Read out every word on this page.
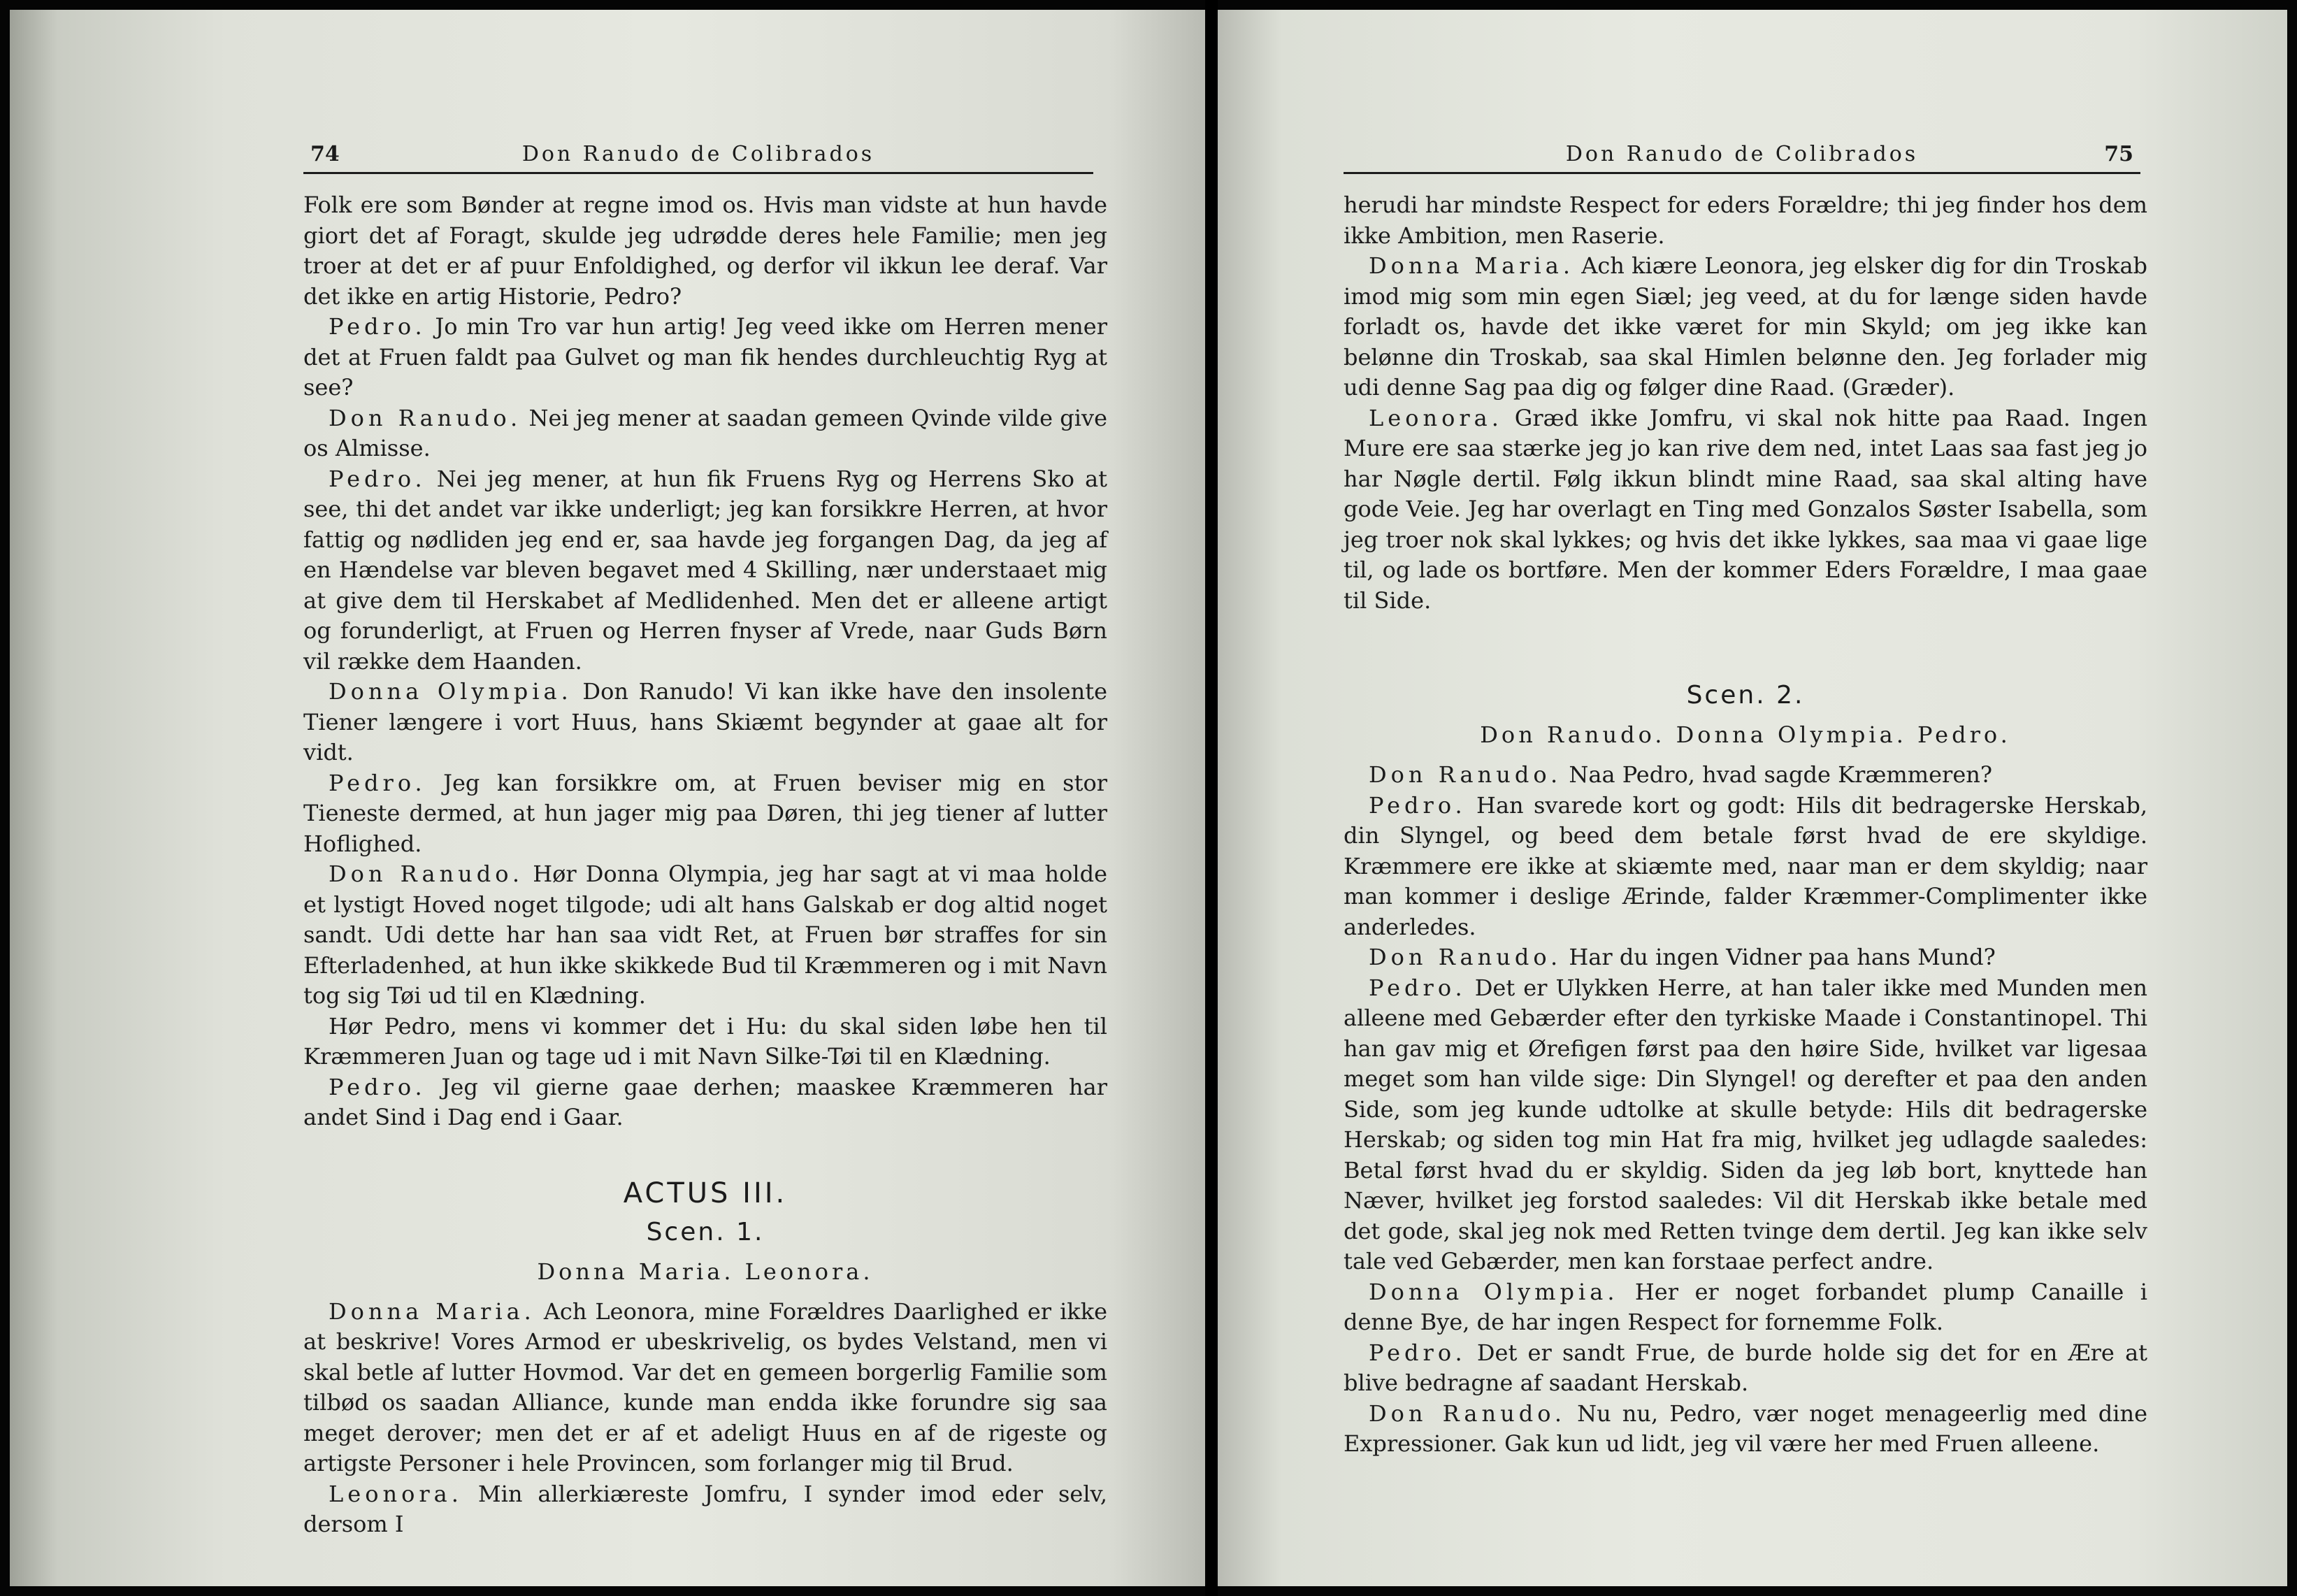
74	Don Ranudo de Colibrados

Folk ere som Bønder at regne imod os. Hvis man vidste at hun havde giort det af Foragt, skulde jeg udrødde deres hele Familie; men jeg troer at det er af puur Enfoldighed, og derfor vil ikkun lee deraf. Var det ikke en artig Historie, Pedro?

Pedro. Jo min Tro var hun artig! Jeg veed ikke om Herren mener det at Fruen faldt paa Gulvet og man fik hendes durchleuchtig Ryg at see?

Don Ranudo. Nei jeg mener at saadan gemeen Qvinde vilde give os Almisse.

Pedro. Nei jeg mener, at hun fik Fruens Ryg og Herrens Sko at see, thi det andet var ikke underligt; jeg kan forsikkre Herren, at hvor fattig og nødliden jeg end er, saa havde jeg forgangen Dag, da jeg af en Hændelse var bleven begavet med 4 Skilling, nær understaaet mig at give dem til Herskabet af Medlidenhed. Men det er alleene artigt og forunderligt, at Fruen og Herren fnyser af Vrede, naar Guds Børn vil række dem Haanden.

Donna Olympia. Don Ranudo! Vi kan ikke have den insolente Tiener længere i vort Huus, hans Skiæmt begynder at gaae alt for vidt.

Pedro. Jeg kan forsikkre om, at Fruen beviser mig en stor Tieneste dermed, at hun jager mig paa Døren, thi jeg tiener af lutter Hoflighed.

Don Ranudo. Hør Donna Olympia, jeg har sagt at vi maa holde et lystigt Hoved noget tilgode; udi alt hans Galskab er dog altid noget sandt. Udi dette har han saa vidt Ret, at Fruen bør straffes for sin Efterladenhed, at hun ikke skikkede Bud til Kræmmeren og i mit Navn tog sig Tøi ud til en Klædning.

Hør Pedro, mens vi kommer det i Hu: du skal siden løbe hen til Kræmmeren Juan og tage ud i mit Navn Silke-Tøi til en Klædning.

Pedro. Jeg vil gierne gaae derhen; maaskee Kræmmeren har andet Sind i Dag end i Gaar.

ACTUS III.
Scen. 1.
Donna Maria. Leonora.

Donna Maria. Ach Leonora, mine Forældres Daarlighed er ikke at beskrive! Vores Armod er ubeskrivelig, os bydes Velstand, men vi skal betle af lutter Hovmod. Var det en gemeen borgerlig Familie som tilbød os saadan Alliance, kunde man endda ikke forundre sig saa meget derover; men det er af et adeligt Huus en af de rigeste og artigste Personer i hele Provincen, som forlanger mig til Brud.

Leonora. Min allerkiæreste Jomfru, I synder imod eder selv, dersom I

Don Ranudo de Colibrados	75

herudi har mindste Respect for eders Forældre; thi jeg finder hos dem ikke Ambition, men Raserie.

Donna Maria. Ach kiære Leonora, jeg elsker dig for din Troskab imod mig som min egen Siæl; jeg veed, at du for længe siden havde forladt os, havde det ikke været for min Skyld; om jeg ikke kan belønne din Troskab, saa skal Himlen belønne den. Jeg forlader mig udi denne Sag paa dig og følger dine Raad. (Græder).

Leonora. Græd ikke Jomfru, vi skal nok hitte paa Raad. Ingen Mure ere saa stærke jeg jo kan rive dem ned, intet Laas saa fast jeg jo har Nøgle dertil. Følg ikkun blindt mine Raad, saa skal alting have gode Veie. Jeg har overlagt en Ting med Gonzalos Søster Isabella, som jeg troer nok skal lykkes; og hvis det ikke lykkes, saa maa vi gaae lige til, og lade os bortføre. Men der kommer Eders Forældre, I maa gaae til Side.

Scen. 2.
Don Ranudo. Donna Olympia. Pedro.

Don Ranudo. Naa Pedro, hvad sagde Kræmmeren?

Pedro. Han svarede kort og godt: Hils dit bedragerske Herskab, din Slyngel, og beed dem betale først hvad de ere skyldige. Kræmmere ere ikke at skiæmte med, naar man er dem skyldig; naar man kommer i deslige Ærinde, falder Kræmmer-Complimenter ikke anderledes.

Don Ranudo. Har du ingen Vidner paa hans Mund?

Pedro. Det er Ulykken Herre, at han taler ikke med Munden men alleene med Gebærder efter den tyrkiske Maade i Constantinopel. Thi han gav mig et Ørefigen først paa den høire Side, hvilket var ligesaa meget som han vilde sige: Din Slyngel! og derefter et paa den anden Side, som jeg kunde udtolke at skulle betyde: Hils dit bedragerske Herskab; og siden tog min Hat fra mig, hvilket jeg udlagde saaledes: Betal først hvad du er skyldig. Siden da jeg løb bort, knyttede han Næver, hvilket jeg forstod saaledes: Vil dit Herskab ikke betale med det gode, skal jeg nok med Retten tvinge dem dertil. Jeg kan ikke selv tale ved Gebærder, men kan forstaae perfect andre.

Donna Olympia. Her er noget forbandet plump Canaille i denne Bye, de har ingen Respect for fornemme Folk.

Pedro. Det er sandt Frue, de burde holde sig det for en Ære at blive bedragne af saadant Herskab.

Don Ranudo. Nu nu, Pedro, vær noget menageerlig med dine Expressioner. Gak kun ud lidt, jeg vil være her med Fruen alleene.
